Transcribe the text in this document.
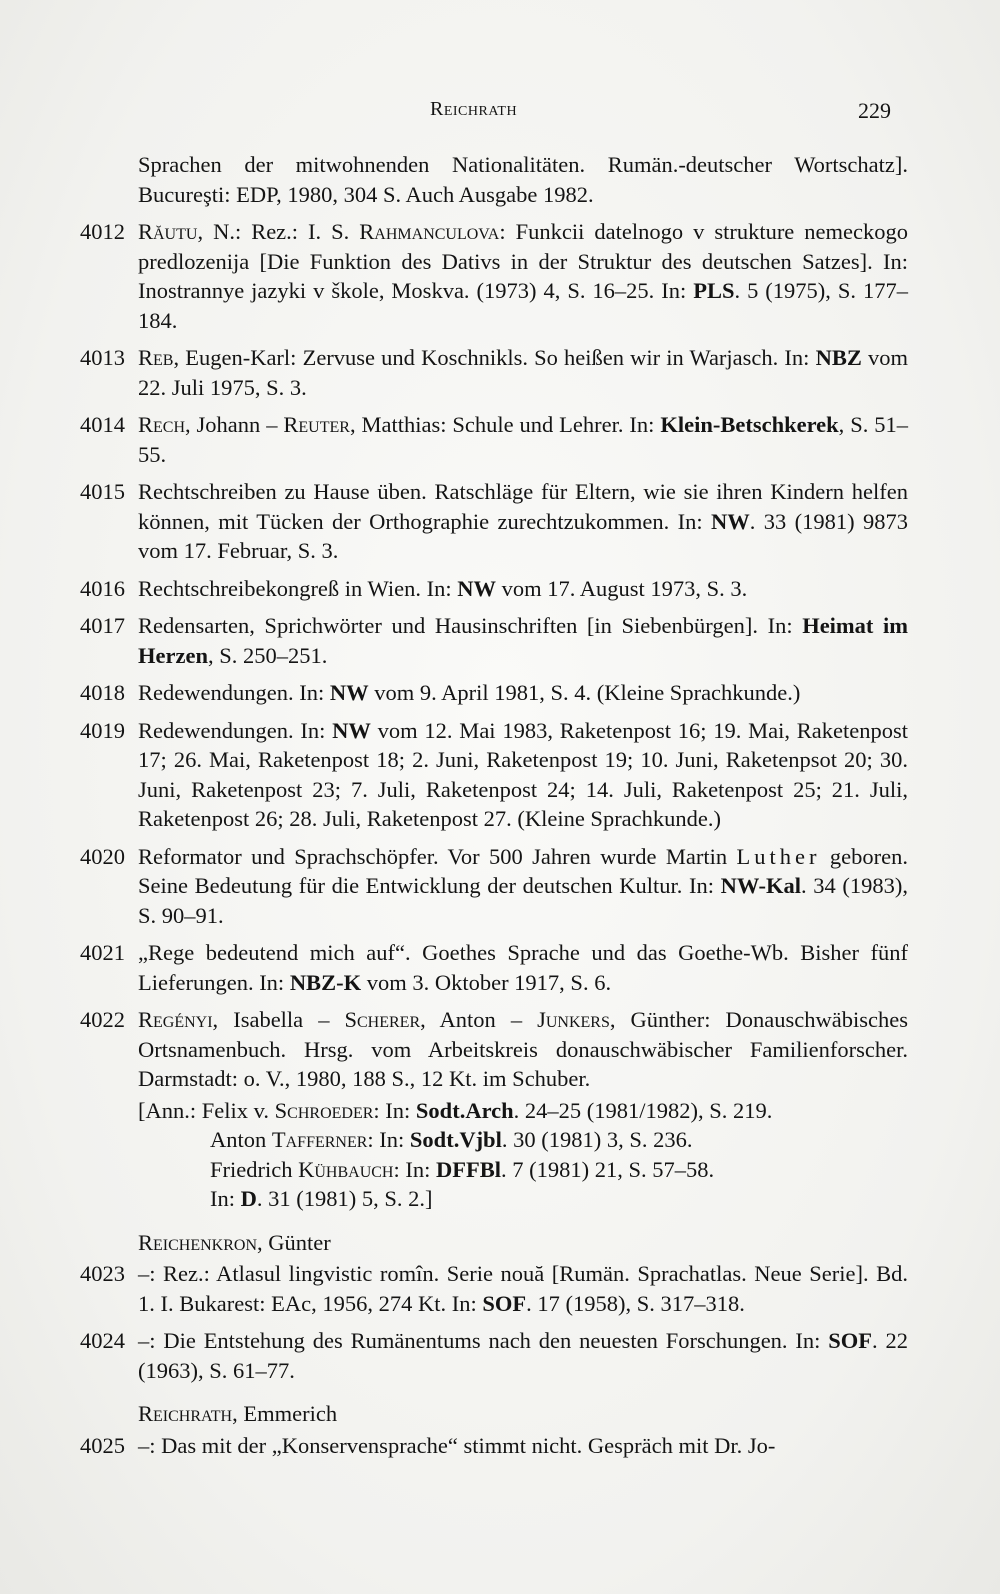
Reichrath	229
Sprachen der mitwohnenden Nationalitäten. Rumän.-deutscher Wortschatz]. Bucureşti: EDP, 1980, 304 S. Auch Ausgabe 1982.
4012 Răutu, N.: Rez.: I. S. Rahmanculova: Funkcii datelnogo v strukture nemeckogo predlozenija [Die Funktion des Dativs in der Struktur des deutschen Satzes]. In: Inostrannye jazyki v škole, Moskva. (1973) 4, S. 16–25. In: PLS. 5 (1975), S. 177–184.
4013 Reb, Eugen-Karl: Zervuse und Koschnikls. So heißen wir in Warjasch. In: NBZ vom 22. Juli 1975, S. 3.
4014 Rech, Johann – Reuter, Matthias: Schule und Lehrer. In: Klein-Betschkerek, S. 51–55.
4015 Rechtschreiben zu Hause üben. Ratschläge für Eltern, wie sie ihren Kindern helfen können, mit Tücken der Orthographie zurechtzukommen. In: NW. 33 (1981) 9873 vom 17. Februar, S. 3.
4016 Rechtschreibekongreß in Wien. In: NW vom 17. August 1973, S. 3.
4017 Redensarten, Sprichwörter und Hausinschriften [in Siebenbürgen]. In: Heimat im Herzen, S. 250–251.
4018 Redewendungen. In: NW vom 9. April 1981, S. 4. (Kleine Sprachkunde.)
4019 Redewendungen. In: NW vom 12. Mai 1983, Raketenpost 16; 19. Mai, Raketenpost 17; 26. Mai, Raketenpost 18; 2. Juni, Raketenpost 19; 10. Juni, Raketenpsot 20; 30. Juni, Raketenpost 23; 7. Juli, Raketenpost 24; 14. Juli, Raketenpost 25; 21. Juli, Raketenpost 26; 28. Juli, Raketenpost 27. (Kleine Sprachkunde.)
4020 Reformator und Sprachschöpfer. Vor 500 Jahren wurde Martin Luther geboren. Seine Bedeutung für die Entwicklung der deutschen Kultur. In: NW-Kal. 34 (1983), S. 90–91.
4021 „Rege bedeutend mich auf“. Goethes Sprache und das Goethe-Wb. Bisher fünf Lieferungen. In: NBZ-K vom 3. Oktober 1917, S. 6.
4022 Regényi, Isabella – Scherer, Anton – Junkers, Günther: Donauschwäbisches Ortsnamenbuch. Hrsg. vom Arbeitskreis donauschwäbischer Familienforscher. Darmstadt: o. V., 1980, 188 S., 12 Kt. im Schuber.
[Ann.: Felix v. Schroeder: In: Sodt.Arch. 24–25 (1981/1982), S. 219.
Anton Tafferner: In: Sodt.Vjbl. 30 (1981) 3, S. 236.
Friedrich Kühbauch: In: DFFBl. 7 (1981) 21, S. 57–58.
In: D. 31 (1981) 5, S. 2.]
Reichenkron, Günter
4023 –: Rez.: Atlasul lingvistic romîn. Serie nouă [Rumän. Sprachatlas. Neue Serie]. Bd. 1. I. Bukarest: EAc, 1956, 274 Kt. In: SOF. 17 (1958), S. 317–318.
4024 –: Die Entstehung des Rumänentums nach den neuesten Forschungen. In: SOF. 22 (1963), S. 61–77.
Reichrath, Emmerich
4025 –: Das mit der „Konservensprache“ stimmt nicht. Gespräch mit Dr. Jo-
